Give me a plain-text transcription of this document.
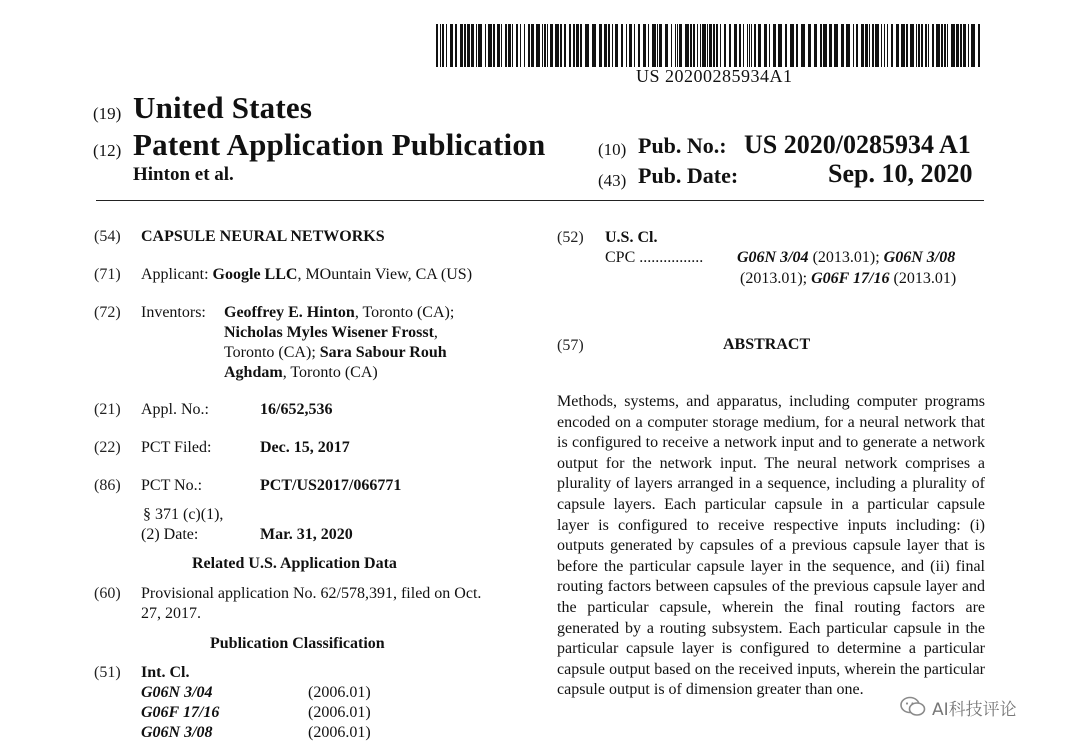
US 20200285934A1
(19) United States
(12) Patent Application Publication
Hinton et al.
(10) Pub. No.: US 2020/0285934 A1
(43) Pub. Date:	Sep. 10, 2020
(54) CAPSULE NEURAL NETWORKS
(71) Applicant: Google LLC, MOuntain View, CA (US)
(72) Inventors: Geoffrey E. Hinton, Toronto (CA);
Nicholas Myles Wisener Frosst,
Toronto (CA); Sara Sabour Rouh
Aghdam, Toronto (CA)
(21) Appl. No.:	16/652,536
(22) PCT Filed:	Dec. 15, 2017
(86) PCT No.:	PCT/US2017/066771
§ 371 (c)(1),
(2) Date:	Mar. 31, 2020
Related U.S. Application Data
(60) Provisional application No. 62/578,391, filed on Oct.
27, 2017.
Publication Classification
(51) Int. Cl.
G06N 3/04	(2006.01)
G06F 17/16	(2006.01)
G06N 3/08	(2006.01)
(52) U.S. Cl.
CPC ................ G06N 3/04 (2013.01); G06N 3/08
(2013.01); G06F 17/16 (2013.01)
(57)	ABSTRACT
Methods, systems, and apparatus, including computer programs encoded on a computer storage medium, for a neural network that is configured to receive a network input and to generate a network output for the network input. The neural network comprises a plurality of layers arranged in a sequence, including a plurality of capsule layers. Each particular capsule in a particular capsule layer is configured to receive respective inputs including: (i) outputs generated by capsules of a previous capsule layer that is before the particular capsule layer in the sequence, and (ii) final routing factors between capsules of the previous capsule layer and the particular capsule, wherein the final routing factors are generated by a routing subsystem. Each particular capsule in the particular capsule layer is configured to determine a particular capsule output based on the received inputs, wherein the particular capsule output is of dimension greater than one.
AI科技评论
